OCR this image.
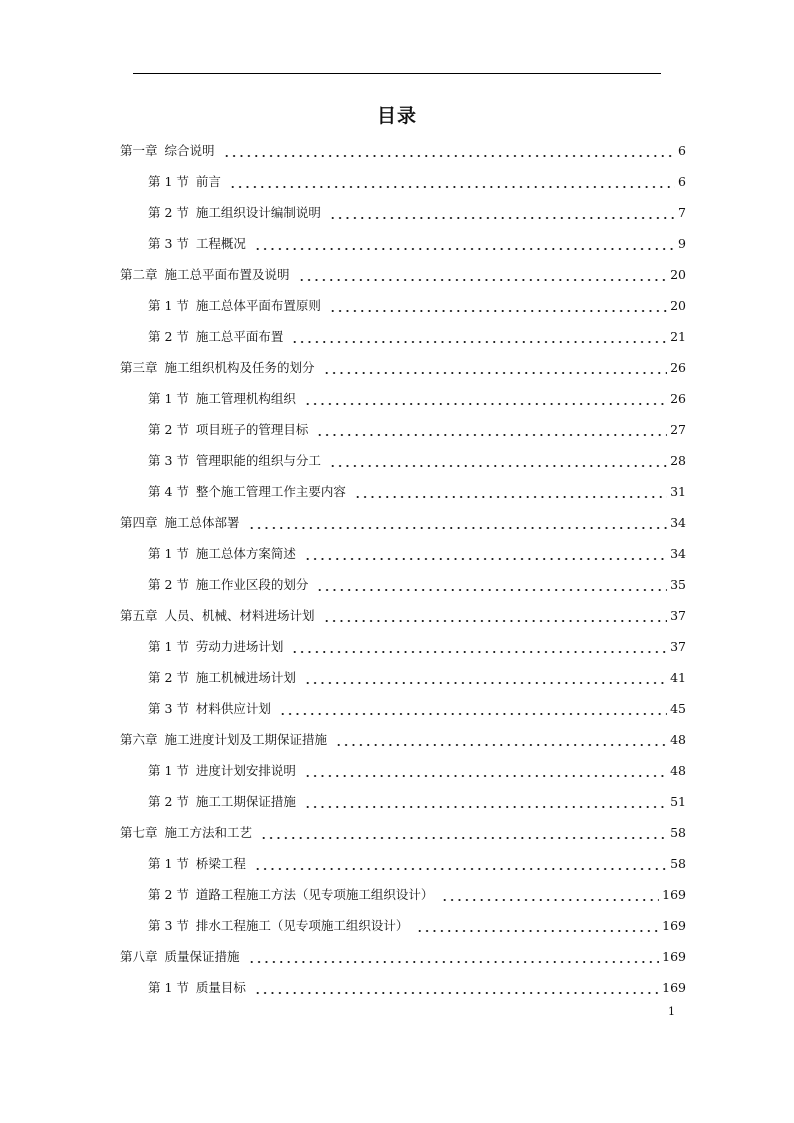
目录
第一章 综合说明	6
第 1 节 前言	6
第 2 节 施工组织设计编制说明	7
第 3 节 工程概况	9
第二章 施工总平面布置及说明	20
第 1 节 施工总体平面布置原则	20
第 2 节 施工总平面布置	21
第三章 施工组织机构及任务的划分	26
第 1 节 施工管理机构组织	26
第 2 节 项目班子的管理目标	27
第 3 节 管理职能的组织与分工	28
第 4 节 整个施工管理工作主要内容	31
第四章 施工总体部署	34
第 1 节 施工总体方案简述	34
第 2 节 施工作业区段的划分	35
第五章 人员、机械、材料进场计划	37
第 1 节 劳动力进场计划	37
第 2 节 施工机械进场计划	41
第 3 节 材料供应计划	45
第六章 施工进度计划及工期保证措施	48
第 1 节 进度计划安排说明	48
第 2 节 施工工期保证措施	51
第七章 施工方法和工艺	58
第 1 节 桥梁工程	58
第 2 节 道路工程施工方法（见专项施工组织设计）	169
第 3 节 排水工程施工（见专项施工组织设计）	169
第八章 质量保证措施	169
第 1 节 质量目标	169
1
